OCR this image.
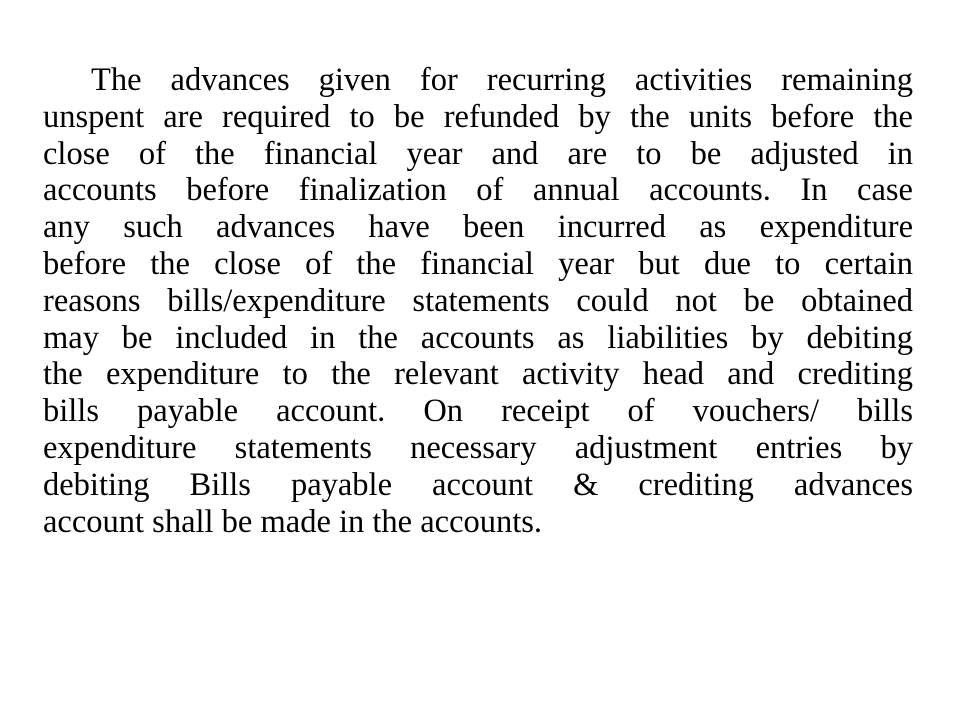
The advances given for recurring activities remaining
unspent are required to be refunded by the units before the
close of the financial year and are to be adjusted in
accounts before finalization of annual accounts. In case
any such advances have been incurred as expenditure
before the close of the financial year but due to certain
reasons bills/expenditure statements could not be obtained
may be included in the accounts as liabilities by debiting
the expenditure to the relevant activity head and crediting
bills payable account. On receipt of vouchers/ bills
expenditure statements necessary adjustment entries by
debiting Bills payable account & crediting advances
account shall be made in the accounts.
